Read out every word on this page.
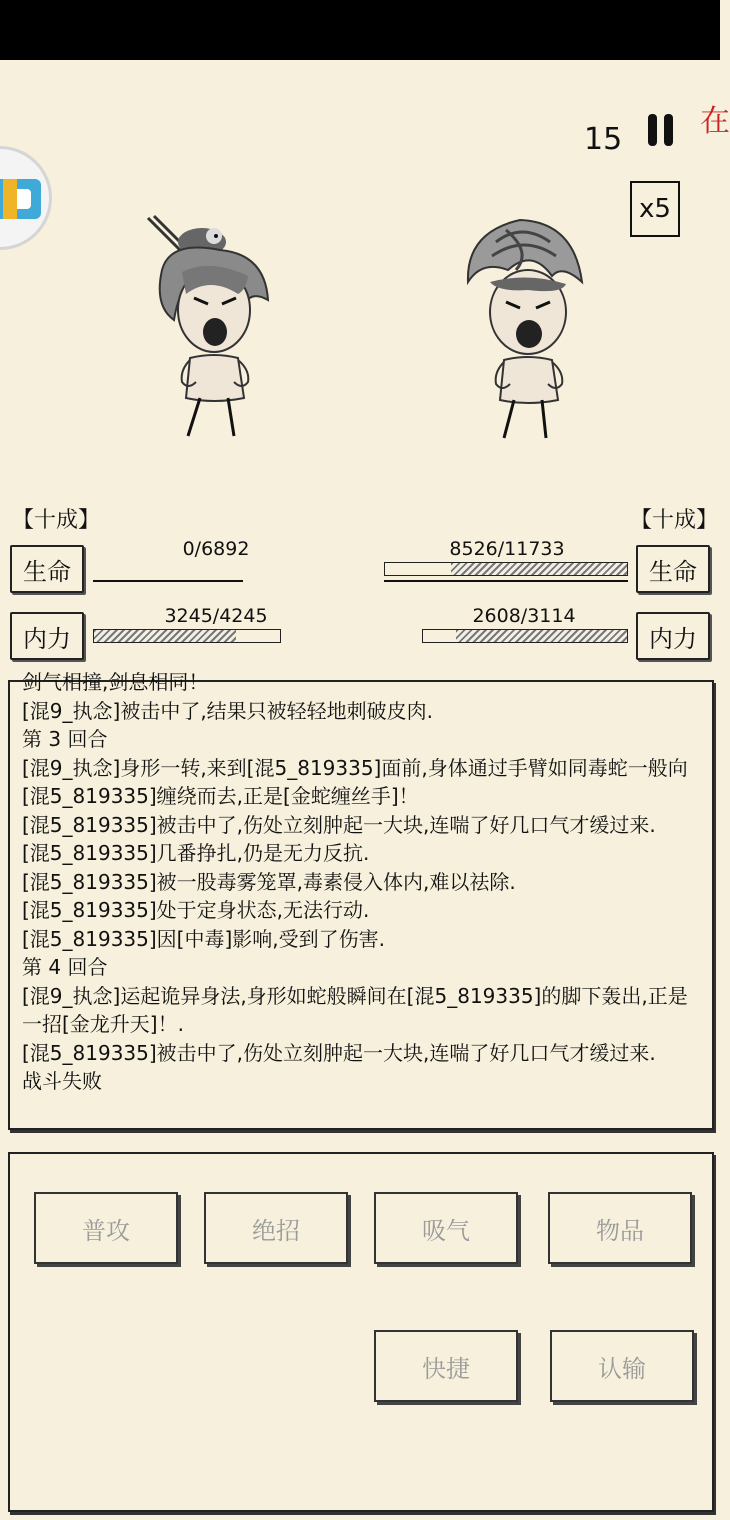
15
在
x5
【十成】	【十成】
生命
内力
生命
内力
0/6892
3245/4245
8526/11733
2608/3114
剑气相撞,剑息相同！
[混9_执念]被击中了,结果只被轻轻地刺破皮肉.
第 3 回合
[混9_执念]身形一转,来到[混5_819335]面前,身体通过手臂如同毒蛇一般向[混5_819335]缠绕而去,正是[金蛇缠丝手]！
[混5_819335]被击中了,伤处立刻肿起一大块,连喘了好几口气才缓过来.
[混5_819335]几番挣扎,仍是无力反抗.
[混5_819335]被一股毒雾笼罩,毒素侵入体内,难以祛除.
[混5_819335]处于定身状态,无法行动.
[混5_819335]因[中毒]影响,受到了伤害.
第 4 回合
[混9_执念]运起诡异身法,身形如蛇般瞬间在[混5_819335]的脚下轰出,正是一招[金龙升天]！.
[混5_819335]被击中了,伤处立刻肿起一大块,连喘了好几口气才缓过来.
战斗失败
普攻	绝招	吸气	物品
快捷	认输
